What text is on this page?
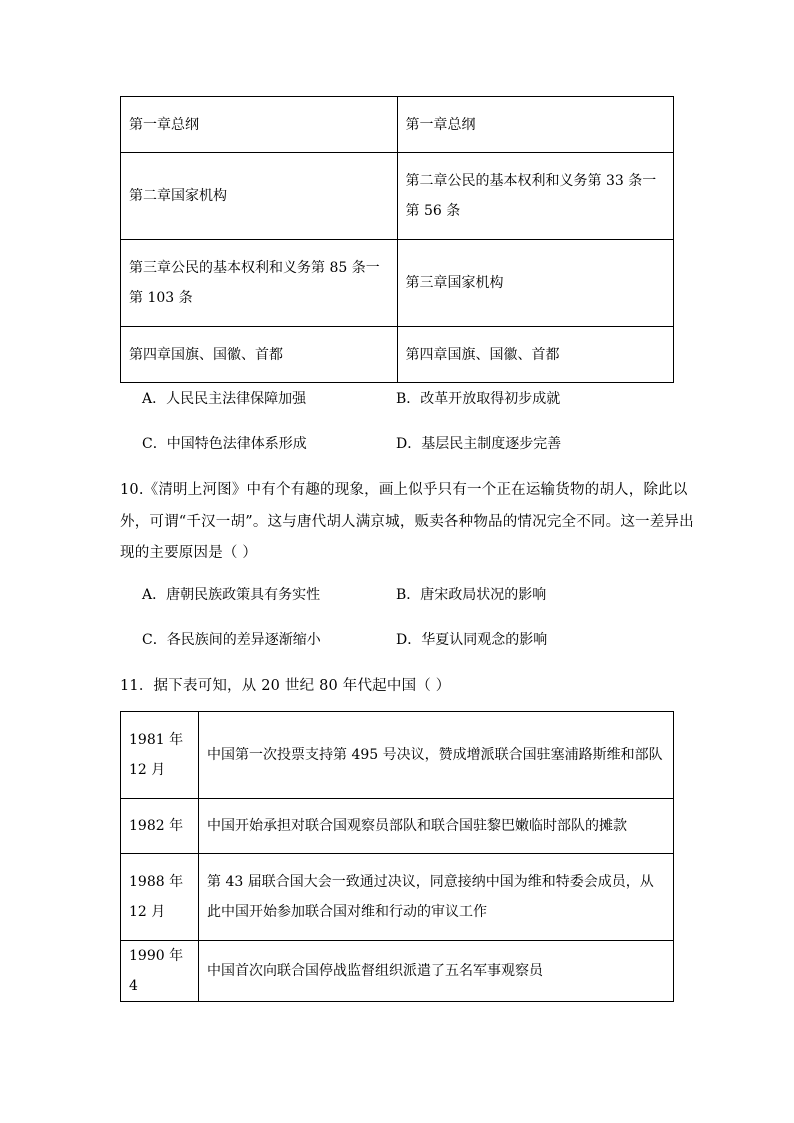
第一章总纲	第一章总纲
第二章国家机构	第二章公民的基本权利和义务第 33 条一第 56 条
第三章公民的基本权利和义务第 85 条一第 103 条	第三章国家机构
第四章国旗、国徽、首都	第四章国旗、国徽、首都
A．人民民主法律保障加强	B．改革开放取得初步成就
C．中国特色法律体系形成	D．基层民主制度逐步完善
10.《清明上河图》中有个有趣的现象，画上似乎只有一个正在运输货物的胡人，除此以
外，可谓“千汉一胡”。这与唐代胡人满京城，贩卖各种物品的情况完全不同。这一差异出
现的主要原因是（ ）
A．唐朝民族政策具有务实性	B．唐宋政局状况的影响
C．各民族间的差异逐渐缩小	D．华夏认同观念的影响
11．据下表可知，从 20 世纪 80 年代起中国（ ）
1981 年 12 月	中国第一次投票支持第 495 号决议，赞成增派联合国驻塞浦路斯维和部队
1982 年	中国开始承担对联合国观察员部队和联合国驻黎巴嫩临时部队的摊款
1988 年 12 月	第 43 届联合国大会一致通过决议，同意接纳中国为维和特委会成员，从此中国开始参加联合国对维和行动的审议工作
1990 年 4	中国首次向联合国停战监督组织派遣了五名军事观察员
